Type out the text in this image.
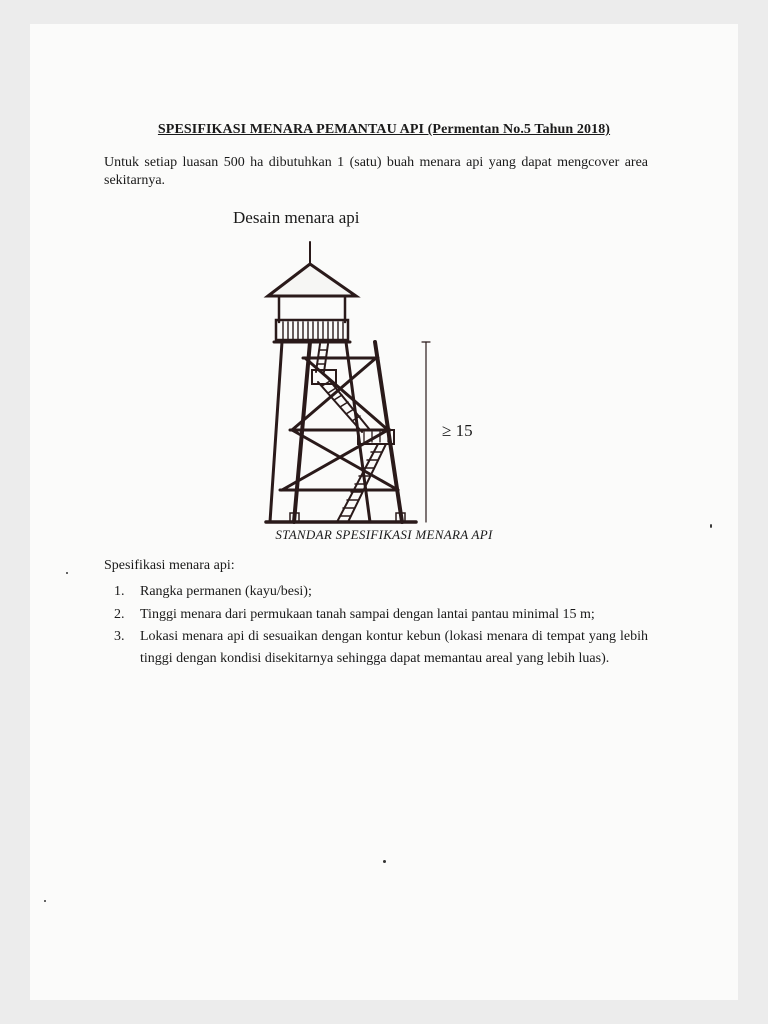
SPESIFIKASI MENARA PEMANTAU API (Permentan No.5 Tahun 2018)
Untuk setiap luasan 500 ha dibutuhkan 1 (satu) buah menara api yang dapat mengcover area sekitarnya.
Desain menara api
≥ 15
STANDAR SPESIFIKASI MENARA API
Spesifikasi menara api:
1. Rangka permanen (kayu/besi);
2. Tinggi menara dari permukaan tanah sampai dengan lantai pantau minimal 15 m;
3. Lokasi menara api di sesuaikan dengan kontur kebun (lokasi menara di tempat yang lebih tinggi dengan kondisi disekitarnya sehingga dapat memantau areal yang lebih luas).
